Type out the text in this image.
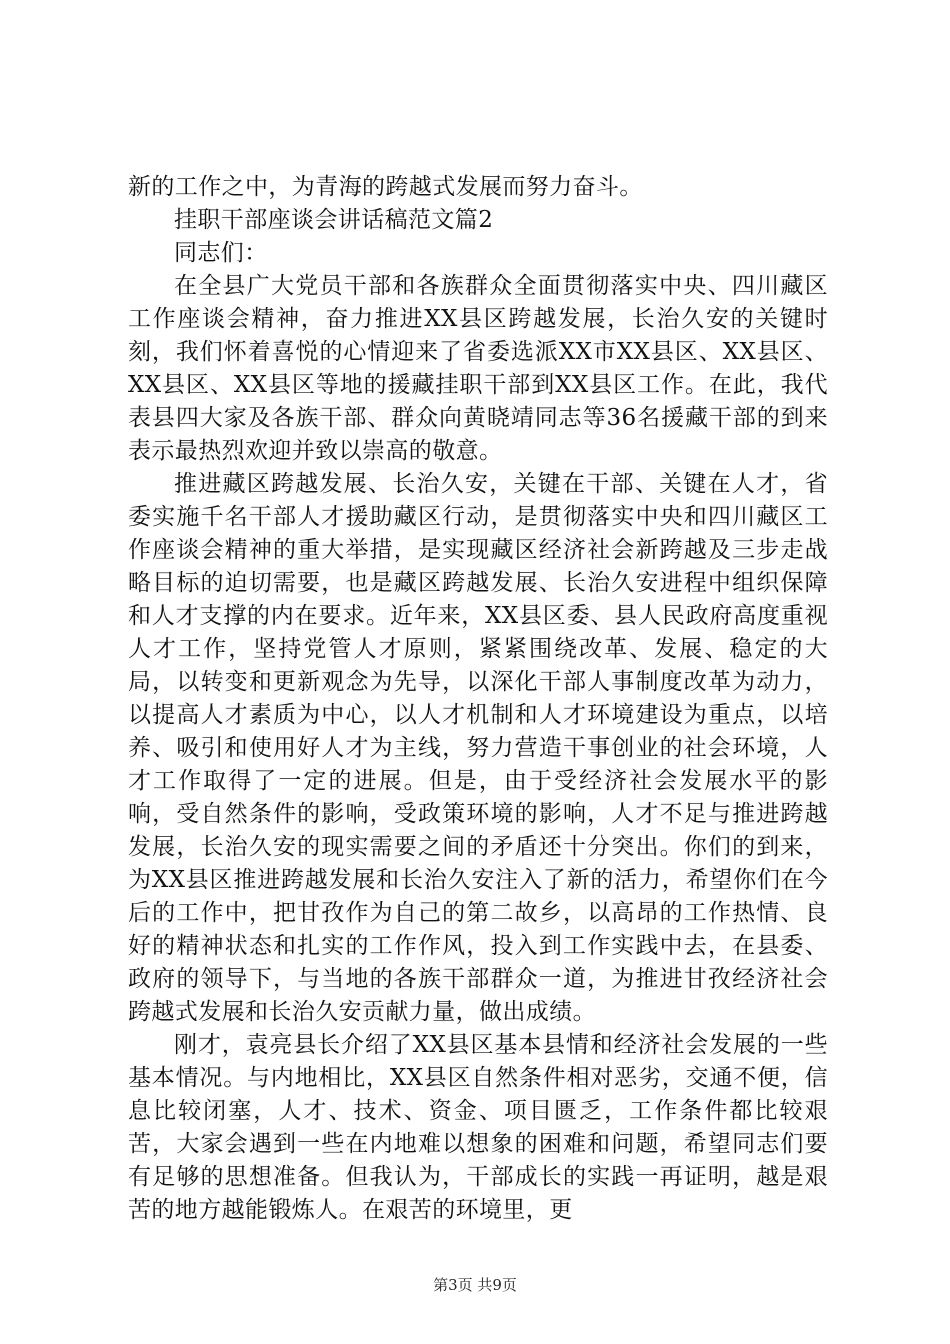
新的工作之中，为青海的跨越式发展而努力奋斗。

挂职干部座谈会讲话稿范文篇2

同志们：

在全县广大党员干部和各族群众全面贯彻落实中央、四川藏区工作座谈会精神，奋力推进XX县区跨越发展，长治久安的关键时刻，我们怀着喜悦的心情迎来了省委选派XX市XX县区、XX县区、XX县区、XX县区等地的援藏挂职干部到XX县区工作。在此，我代表县四大家及各族干部、群众向黄晓靖同志等36名援藏干部的到来表示最热烈欢迎并致以崇高的敬意。

推进藏区跨越发展、长治久安，关键在干部、关键在人才，省委实施千名干部人才援助藏区行动，是贯彻落实中央和四川藏区工作座谈会精神的重大举措，是实现藏区经济社会新跨越及三步走战略目标的迫切需要，也是藏区跨越发展、长治久安进程中组织保障和人才支撑的内在要求。近年来，XX县区委、县人民政府高度重视人才工作，坚持党管人才原则，紧紧围绕改革、发展、稳定的大局，以转变和更新观念为先导，以深化干部人事制度改革为动力，以提高人才素质为中心，以人才机制和人才环境建设为重点，以培养、吸引和使用好人才为主线，努力营造干事创业的社会环境，人才工作取得了一定的进展。但是，由于受经济社会发展水平的影响，受自然条件的影响，受政策环境的影响，人才不足与推进跨越发展，长治久安的现实需要之间的矛盾还十分突出。你们的到来，为XX县区推进跨越发展和长治久安注入了新的活力，希望你们在今后的工作中，把甘孜作为自己的第二故乡，以高昂的工作热情、良好的精神状态和扎实的工作作风，投入到工作实践中去，在县委、政府的领导下，与当地的各族干部群众一道，为推进甘孜经济社会跨越式发展和长治久安贡献力量，做出成绩。

刚才，袁亮县长介绍了XX县区基本县情和经济社会发展的一些基本情况。与内地相比，XX县区自然条件相对恶劣，交通不便，信息比较闭塞，人才、技术、资金、项目匮乏，工作条件都比较艰苦，大家会遇到一些在内地难以想象的困难和问题，希望同志们要有足够的思想准备。但我认为，干部成长的实践一再证明，越是艰苦的地方越能锻炼人。在艰苦的环境里，更

第3页 共9页
